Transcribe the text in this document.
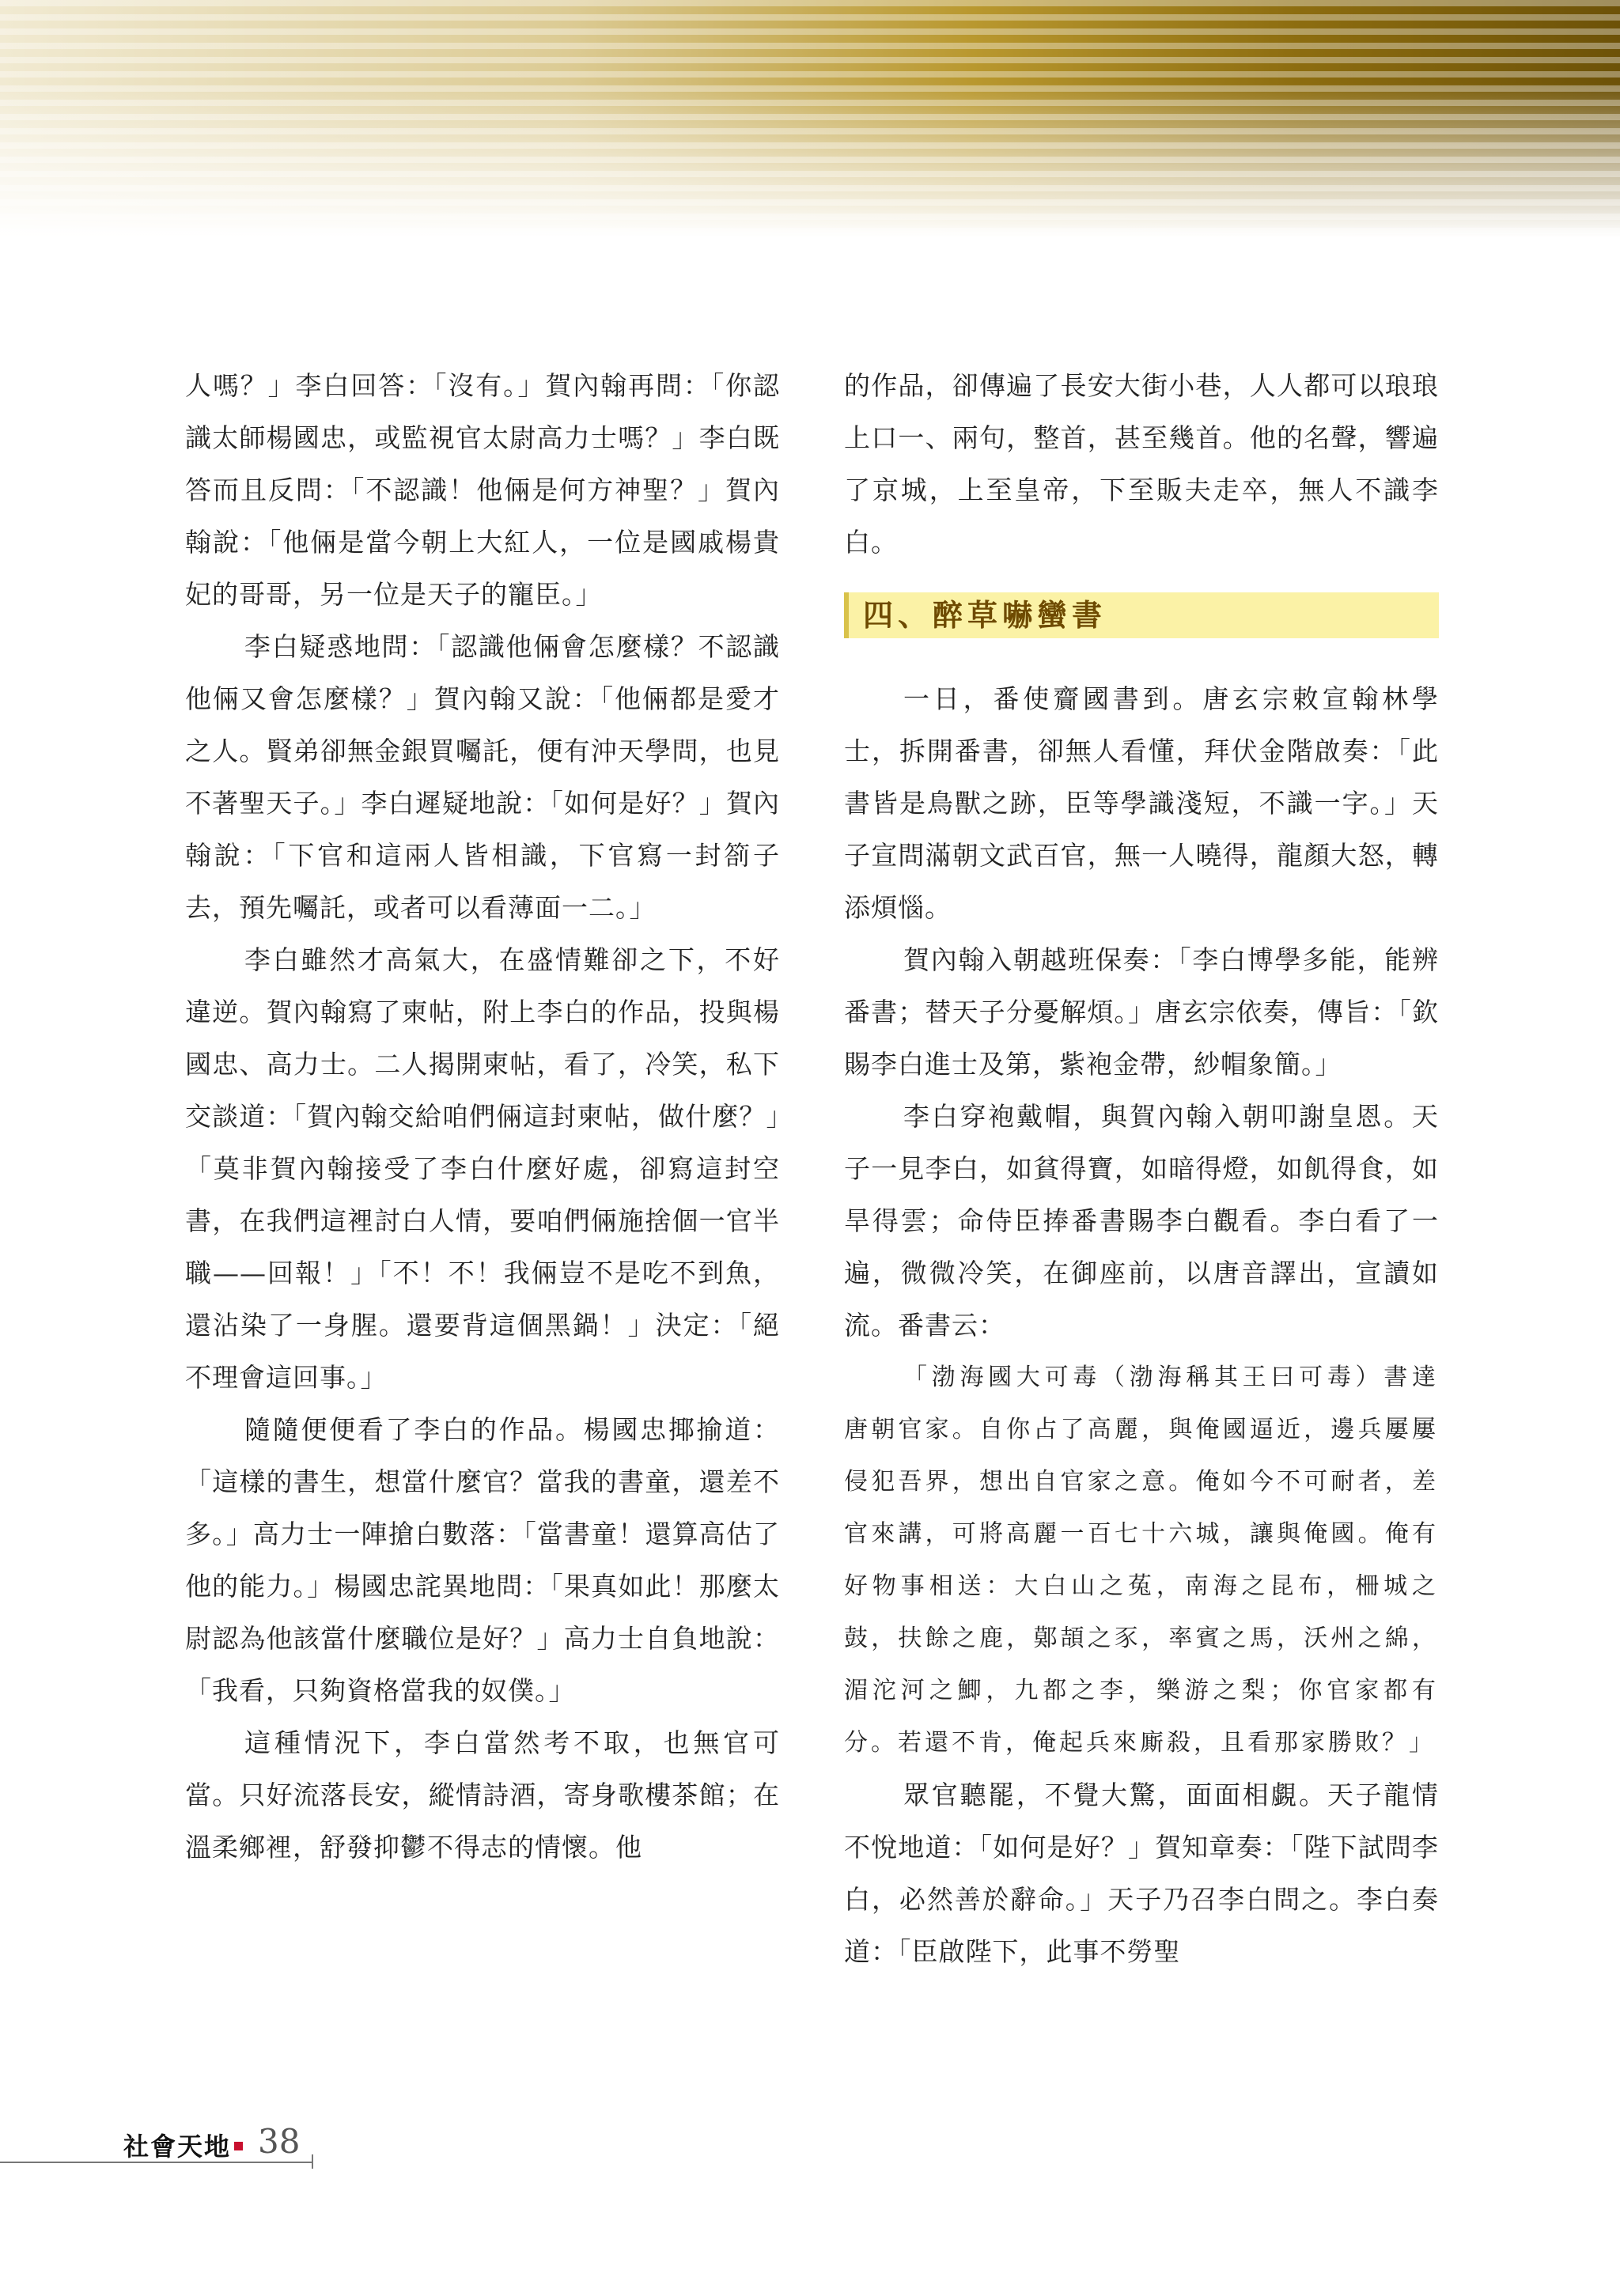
人嗎？」李白回答：「沒有。」賀內翰再問：「你認識太師楊國忠，或監視官太尉高力士嗎？」李白既答而且反問：「不認識！他倆是何方神聖？」賀內翰說：「他倆是當今朝上大紅人，一位是國戚楊貴妃的哥哥，另一位是天子的寵臣。」

李白疑惑地問：「認識他倆會怎麼樣？不認識他倆又會怎麼樣？」賀內翰又說：「他倆都是愛才之人。賢弟卻無金銀買囑託，便有沖天學問，也見不著聖天子。」李白遲疑地說：「如何是好？」賀內翰說：「下官和這兩人皆相識，下官寫一封箚子去，預先囑託，或者可以看薄面一二。」

李白雖然才高氣大，在盛情難卻之下，不好違逆。賀內翰寫了柬帖，附上李白的作品，投與楊國忠、高力士。二人揭開柬帖，看了，冷笑，私下交談道：「賀內翰交給咱們倆這封柬帖，做什麼？」「莫非賀內翰接受了李白什麼好處，卻寫這封空書，在我們這裡討白人情，要咱們倆施捨個一官半職——回報！」「不！不！我倆豈不是吃不到魚，還沾染了一身腥。還要背這個黑鍋！」決定：「絕不理會這回事。」

隨隨便便看了李白的作品。楊國忠揶揄道：「這樣的書生，想當什麼官？當我的書童，還差不多。」高力士一陣搶白數落：「當書童！還算高估了他的能力。」楊國忠詫異地問：「果真如此！那麼太尉認為他該當什麼職位是好？」高力士自負地說：「我看，只夠資格當我的奴僕。」

這種情況下，李白當然考不取，也無官可當。只好流落長安，縱情詩酒，寄身歌樓茶館；在溫柔鄉裡，舒發抑鬱不得志的情懷。他

的作品，卻傳遍了長安大街小巷，人人都可以琅琅上口一、兩句，整首，甚至幾首。他的名聲，響遍了京城，上至皇帝，下至販夫走卒，無人不識李白。

四、醉草嚇蠻書

一日，番使齎國書到。唐玄宗敕宣翰林學士，拆開番書，卻無人看懂，拜伏金階啟奏：「此書皆是鳥獸之跡，臣等學識淺短，不識一字。」天子宣問滿朝文武百官，無一人曉得，龍顏大怒，轉添煩惱。

賀內翰入朝越班保奏：「李白博學多能，能辨番書；替天子分憂解煩。」唐玄宗依奏，傳旨：「欽賜李白進士及第，紫袍金帶，紗帽象簡。」

李白穿袍戴帽，與賀內翰入朝叩謝皇恩。天子一見李白，如貧得寶，如暗得燈，如飢得食，如旱得雲；命侍臣捧番書賜李白觀看。李白看了一遍，微微冷笑，在御座前，以唐音譯出，宣讀如流。番書云：

「渤海國大可毒（渤海稱其王曰可毒）書達唐朝官家。自你占了高麗，與俺國逼近，邊兵屢屢侵犯吾界，想出自官家之意。俺如今不可耐者，差官來講，可將高麗一百七十六城，讓與俺國。俺有好物事相送：大白山之菟，南海之昆布，柵城之鼓，扶餘之鹿，鄚頡之豕，率賓之馬，沃州之綿，湄沱河之鯽，九都之李，樂游之梨；你官家都有分。若還不肯，俺起兵來廝殺，且看那家勝敗？」

眾官聽罷，不覺大驚，面面相覷。天子龍情不悅地道：「如何是好？」賀知章奏：「陛下試問李白，必然善於辭命。」天子乃召李白問之。李白奏道：「臣啟陛下，此事不勞聖

社會天地 38
